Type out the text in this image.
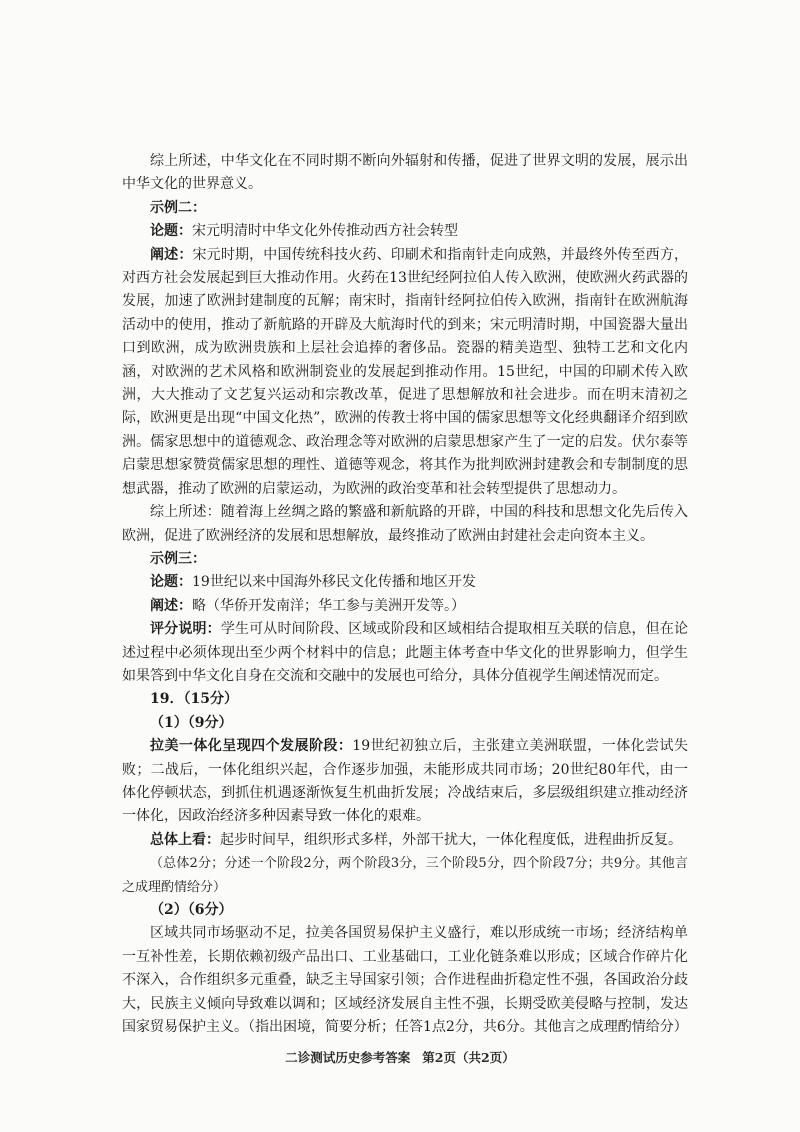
综上所述，中华文化在不同时期不断向外辐射和传播，促进了世界文明的发展，展示出中华文化的世界意义。

示例二：

论题：宋元明清时中华文化外传推动西方社会转型

阐述：宋元时期，中国传统科技火药、印刷术和指南针走向成熟，并最终外传至西方，对西方社会发展起到巨大推动作用。火药在13世纪经阿拉伯人传入欧洲，使欧洲火药武器的发展，加速了欧洲封建制度的瓦解；南宋时，指南针经阿拉伯传入欧洲，指南针在欧洲航海活动中的使用，推动了新航路的开辟及大航海时代的到来；宋元明清时期，中国瓷器大量出口到欧洲，成为欧洲贵族和上层社会追捧的奢侈品。瓷器的精美造型、独特工艺和文化内涵，对欧洲的艺术风格和欧洲制瓷业的发展起到推动作用。15世纪，中国的印刷术传入欧洲，大大推动了文艺复兴运动和宗教改革，促进了思想解放和社会进步。而在明末清初之际，欧洲更是出现“中国文化热”，欧洲的传教士将中国的儒家思想等文化经典翻译介绍到欧洲。儒家思想中的道德观念、政治理念等对欧洲的启蒙思想家产生了一定的启发。伏尔泰等启蒙思想家赞赏儒家思想的理性、道德等观念，将其作为批判欧洲封建教会和专制制度的思想武器，推动了欧洲的启蒙运动，为欧洲的政治变革和社会转型提供了思想动力。

综上所述：随着海上丝绸之路的繁盛和新航路的开辟，中国的科技和思想文化先后传入欧洲，促进了欧洲经济的发展和思想解放，最终推动了欧洲由封建社会走向资本主义。

示例三：

论题：19世纪以来中国海外移民文化传播和地区开发

阐述：略（华侨开发南洋；华工参与美洲开发等。）

评分说明：学生可从时间阶段、区域或阶段和区域相结合提取相互关联的信息，但在论述过程中必须体现出至少两个材料中的信息；此题主体考查中华文化的世界影响力，但学生如果答到中华文化自身在交流和交融中的发展也可给分，具体分值视学生阐述情况而定。

19．（15分）

（1）（9分）

拉美一体化呈现四个发展阶段：19世纪初独立后，主张建立美洲联盟，一体化尝试失败；二战后，一体化组织兴起，合作逐步加强，未能形成共同市场；20世纪80年代，由一体化停顿状态，到抓住机遇逐渐恢复生机曲折发展；冷战结束后，多层级组织建立推动经济一体化，因政治经济多种因素导致一体化的艰难。

总体上看：起步时间早，组织形式多样，外部干扰大，一体化程度低，进程曲折反复。

（总体2分；分述一个阶段2分，两个阶段3分，三个阶段5分，四个阶段7分；共9分。其他言之成理酌情给分）

（2）（6分）

区域共同市场驱动不足，拉美各国贸易保护主义盛行，难以形成统一市场；经济结构单一互补性差，长期依赖初级产品出口、工业基础口，工业化链条难以形成；区域合作碎片化不深入，合作组织多元重叠，缺乏主导国家引领；合作进程曲折稳定性不强，各国政治分歧大，民族主义倾向导致难以调和；区域经济发展自主性不强，长期受欧美侵略与控制，发达国家贸易保护主义。（指出困境，简要分析；任答1点2分，共6分。其他言之成理酌情给分）

二诊测试历史参考答案 第2页（共2页）
